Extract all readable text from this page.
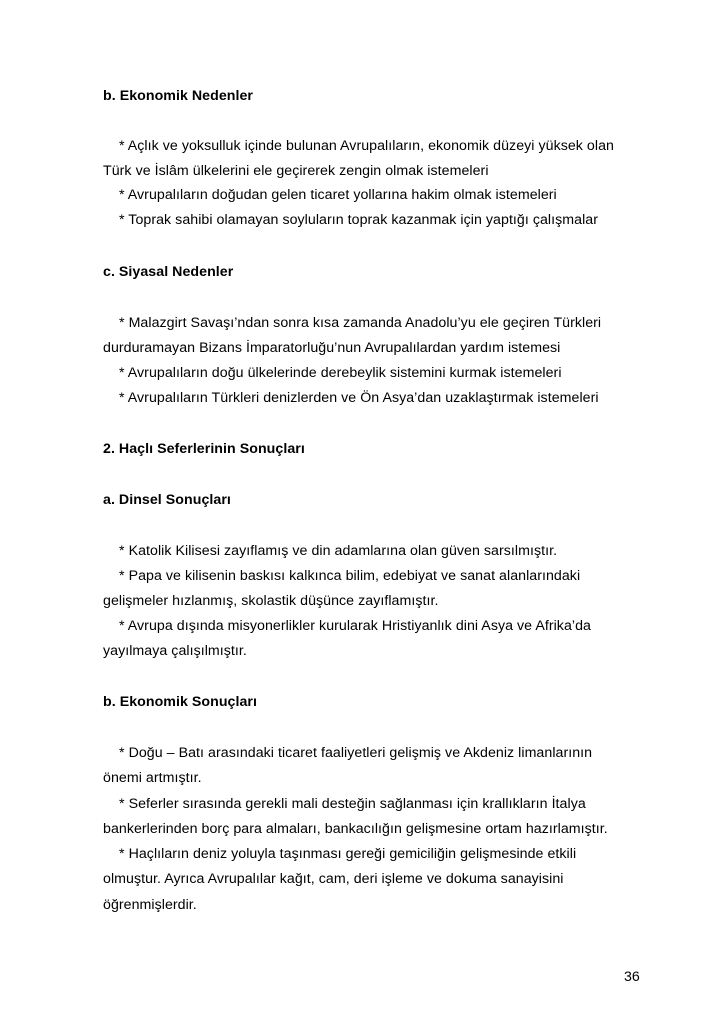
b. Ekonomik Nedenler
* Açlık ve yoksulluk içinde bulunan Avrupalıların, ekonomik düzeyi yüksek olan
Türk ve İslâm ülkelerini ele geçirerek zengin olmak istemeleri
* Avrupalıların doğudan gelen ticaret yollarına hakim olmak istemeleri
* Toprak sahibi olamayan soyluların toprak kazanmak için yaptığı çalışmalar
c. Siyasal Nedenler
* Malazgirt Savaşı’ndan sonra kısa zamanda Anadolu’yu ele geçiren Türkleri
durduramayan Bizans İmparatorluğu’nun Avrupalılardan yardım istemesi
* Avrupalıların doğu ülkelerinde derebeylik sistemini kurmak istemeleri
* Avrupalıların Türkleri denizlerden ve Ön Asya’dan uzaklaştırmak istemeleri
2. Haçlı Seferlerinin Sonuçları
a. Dinsel Sonuçları
* Katolik Kilisesi zayıflamış ve din adamlarına olan güven sarsılmıştır.
* Papa ve kilisenin baskısı kalkınca bilim, edebiyat ve sanat alanlarındaki
gelişmeler hızlanmış, skolastik düşünce zayıflamıştır.
* Avrupa dışında misyonerlikler kurularak Hristiyanlık dini Asya ve Afrika’da
yayılmaya çalışılmıştır.
b. Ekonomik Sonuçları
* Doğu – Batı arasındaki ticaret faaliyetleri gelişmiş ve Akdeniz limanlarının
önemi artmıştır.
* Seferler sırasında gerekli mali desteğin sağlanması için krallıkların İtalya
bankerlerinden borç para almaları, bankacılığın gelişmesine ortam hazırlamıştır.
* Haçlıların deniz yoluyla taşınması gereği gemiciliğin gelişmesinde etkili
olmuştur. Ayrıca Avrupalılar kağıt, cam, deri işleme ve dokuma sanayisini
öğrenmişlerdir.
36
